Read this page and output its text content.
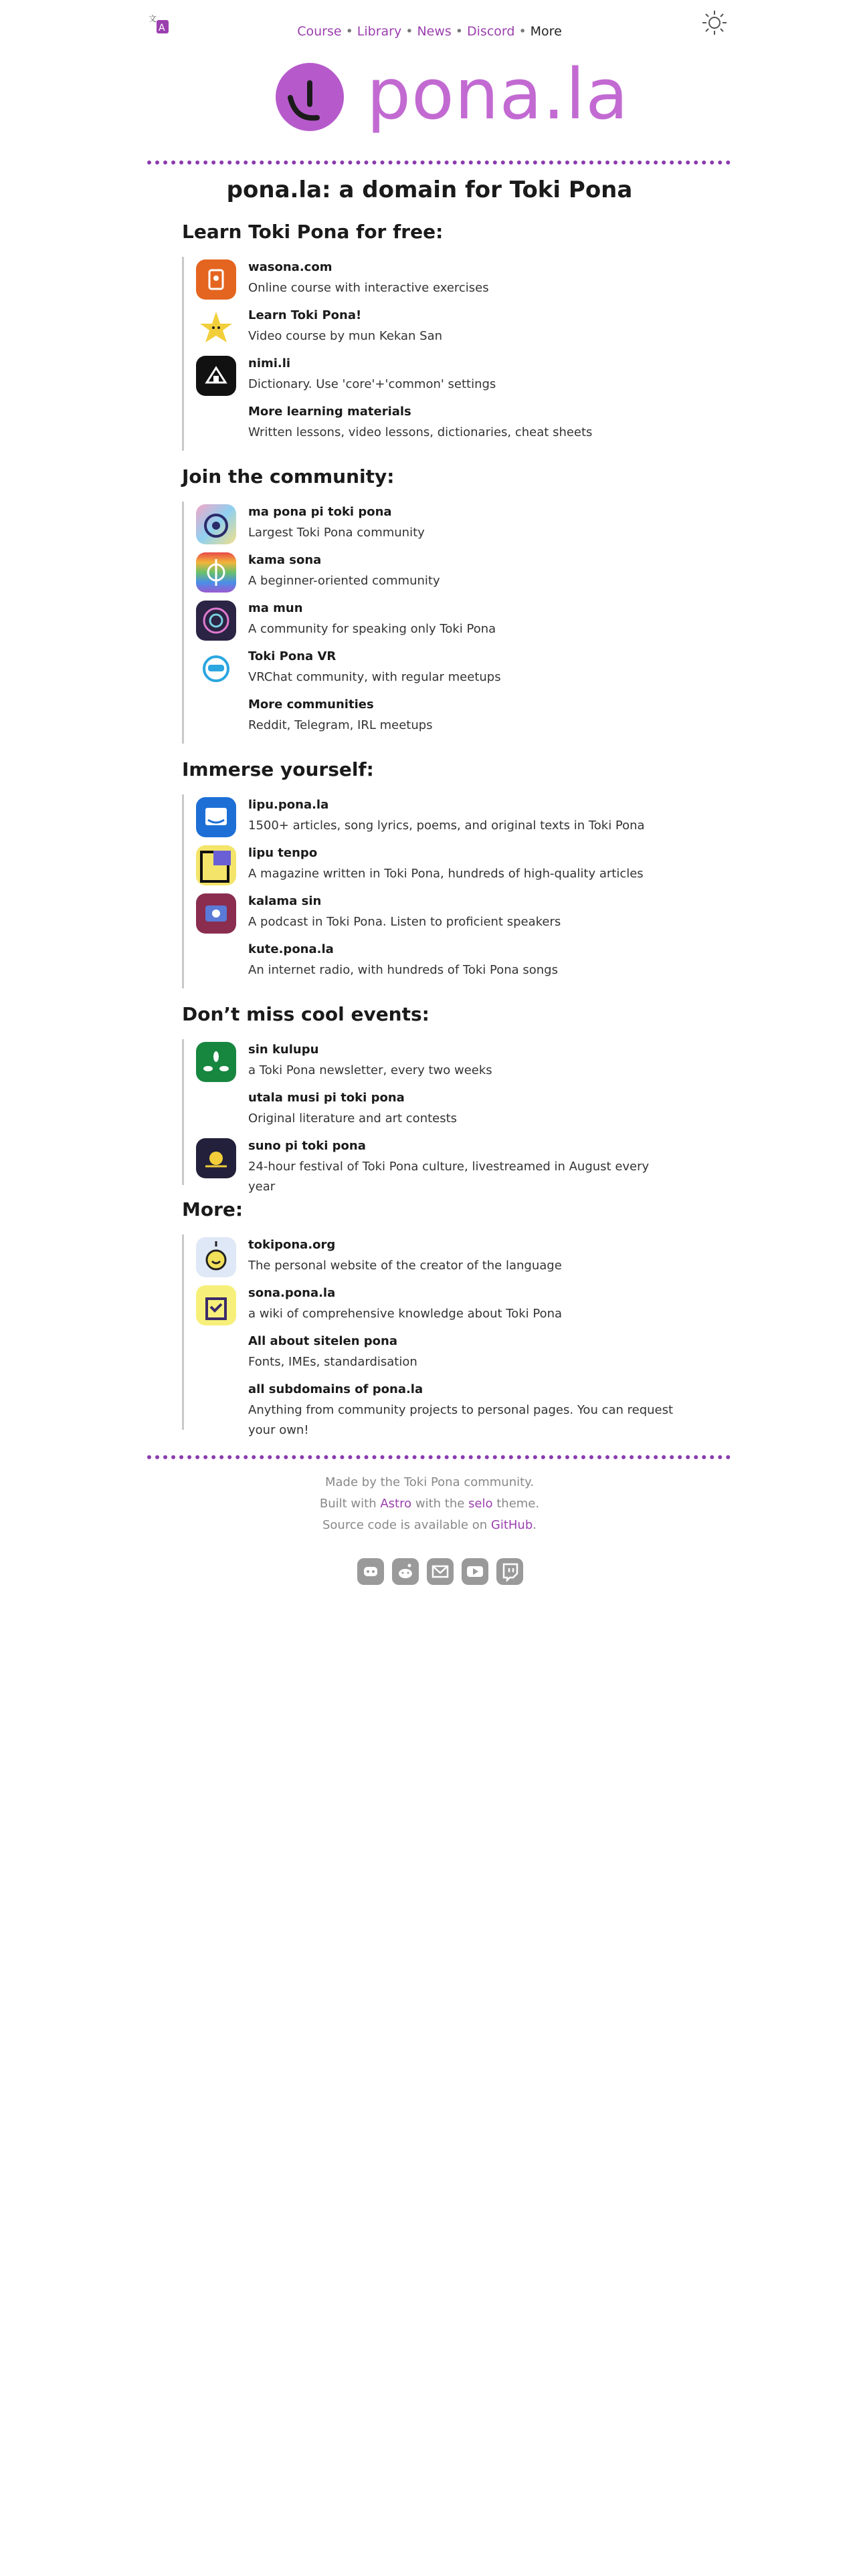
A
文
Course • Library • News • Discord • More
pona.la
pona.la: a domain for Toki Pona
Learn Toki Pona for free:
wasona.com
Online course with interactive exercises
Learn Toki Pona!
Video course by mun Kekan San
nimi.li
Dictionary. Use 'core'+'common' settings
More learning materials
Written lessons, video lessons, dictionaries, cheat sheets
Join the community:
ma pona pi toki pona
Largest Toki Pona community
kama sona
A beginner-oriented community
ma mun
A community for speaking only Toki Pona
Toki Pona VR
VRChat community, with regular meetups
More communities
Reddit, Telegram, IRL meetups
Immerse yourself:
lipu.pona.la
1500+ articles, song lyrics, poems, and original texts in Toki Pona
lipu tenpo
A magazine written in Toki Pona, hundreds of high-quality articles
kalama sin
A podcast in Toki Pona. Listen to proficient speakers
kute.pona.la
An internet radio, with hundreds of Toki Pona songs
Don’t miss cool events:
sin kulupu
a Toki Pona newsletter, every two weeks
utala musi pi toki pona
Original literature and art contests
suno pi toki pona
24-hour festival of Toki Pona culture, livestreamed in August every year
More:
tokipona.org
The personal website of the creator of the language
sona.pona.la
a wiki of comprehensive knowledge about Toki Pona
All about sitelen pona
Fonts, IMEs, standardisation
all subdomains of pona.la
Anything from community projects to personal pages. You can request your own!
Made by the Toki Pona community.
Built with Astro with the selo theme.
Source code is available on GitHub.
